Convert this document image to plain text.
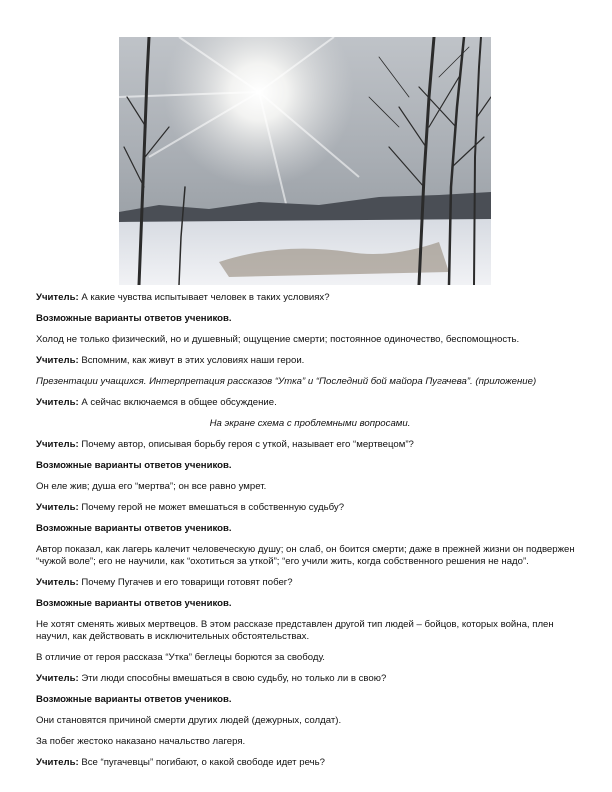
Учитель: А какие чувства испытывает человек в таких условиях?

Возможные варианты ответов учеников.

Холод не только физический, но и душевный; ощущение смерти; постоянное одиночество, беспомощность.

Учитель: Вспомним, как живут в этих условиях наши герои.

Презентации учащихся. Интерпретация рассказов “Утка” и “Последний бой майора Пугачева”. (приложение)

Учитель: А сейчас включаемся в общее обсуждение.

На экране схема с проблемными вопросами.

Учитель: Почему автор, описывая борьбу героя с уткой, называет его “мертвецом”?

Возможные варианты ответов учеников.

Он еле жив; душа его “мертва”; он все равно умрет.

Учитель: Почему герой не может вмешаться в собственную судьбу?

Возможные варианты ответов учеников.

Автор показал, как лагерь калечит человеческую душу; он слаб, он боится смерти; даже в прежней жизни он подвержен “чужой воле”; его не научили, как “охотиться за уткой”; “его учили жить, когда собственного решения не надо”.

Учитель: Почему Пугачев и его товарищи готовят побег?

Возможные варианты ответов учеников.

Не хотят сменять живых мертвецов. В этом рассказе представлен другой тип людей – бойцов, которых война, плен научил, как действовать в исключительных обстоятельствах.

В отличие от героя рассказа “Утка” беглецы борются за свободу.

Учитель: Эти люди способны вмешаться в свою судьбу, но только ли в свою?

Возможные варианты ответов учеников.

Они становятся причиной смерти других людей (дежурных, солдат).

За побег жестоко наказано начальство лагеря.

Учитель: Все “пугачевцы” погибают, о какой свободе идет речь?
